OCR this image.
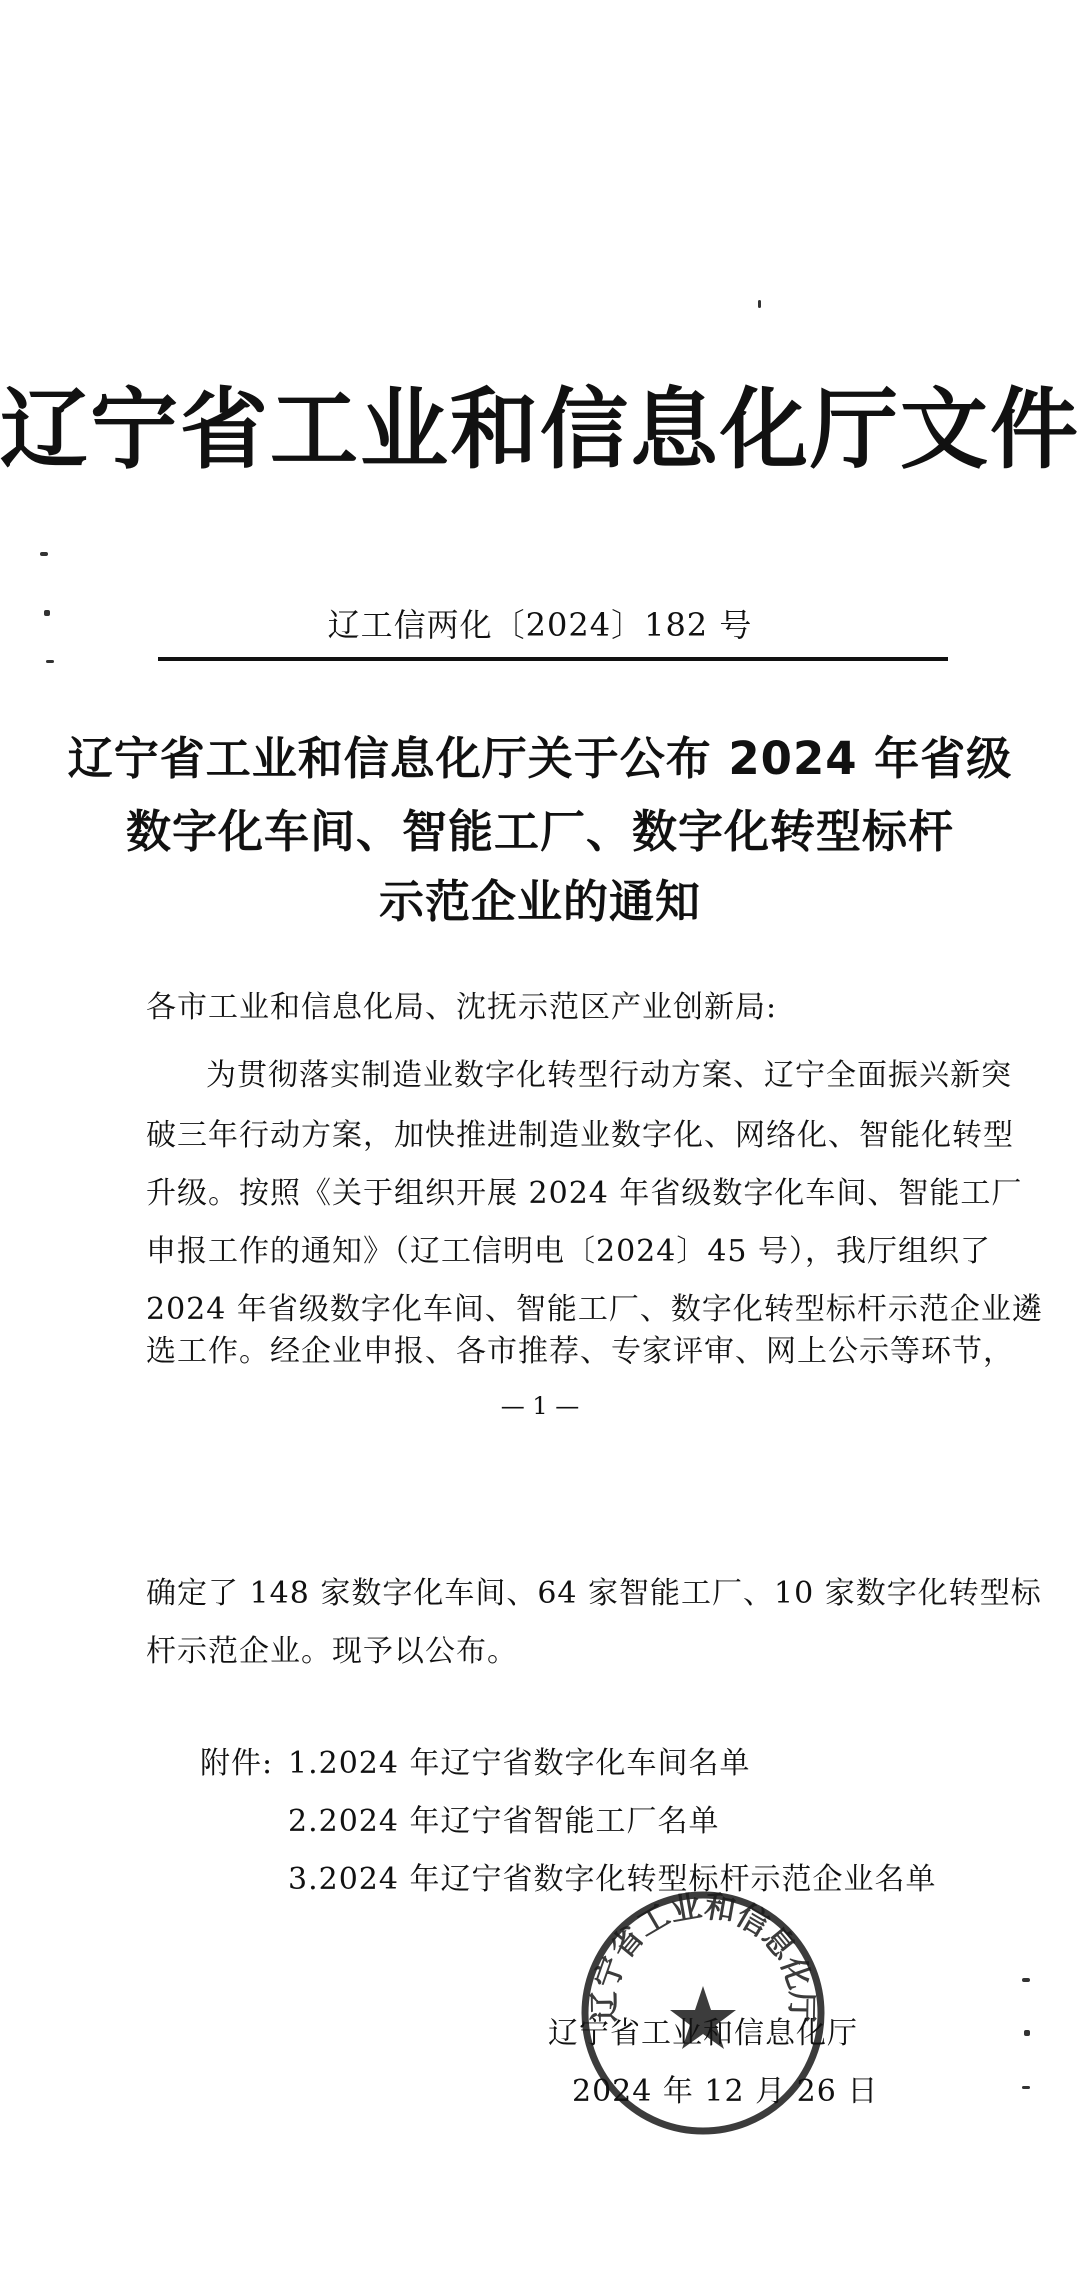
辽宁省工业和信息化厅文件
辽工信两化〔2024〕182 号
辽宁省工业和信息化厅关于公布 2024 年省级
数字化车间、智能工厂、数字化转型标杆
示范企业的通知
各市工业和信息化局、沈抚示范区产业创新局:
为贯彻落实制造业数字化转型行动方案、辽宁全面振兴新突
破三年行动方案，加快推进制造业数字化、网络化、智能化转型
升级。按照《关于组织开展 2024 年省级数字化车间、智能工厂
申报工作的通知》（辽工信明电〔2024〕45 号），我厅组织了
2024 年省级数字化车间、智能工厂、数字化转型标杆示范企业遴
选工作。经企业申报、各市推荐、专家评审、网上公示等环节，
— 1 —
确定了 148 家数字化车间、64 家智能工厂、10 家数字化转型标
杆示范企业。现予以公布。
附件: 1.2024 年辽宁省数字化车间名单
2.2024 年辽宁省智能工厂名单
3.2024 年辽宁省数字化转型标杆示范企业名单
辽宁省工业和信息化厅
辽宁省工业和信息化厅
2024 年 12 月 26 日
